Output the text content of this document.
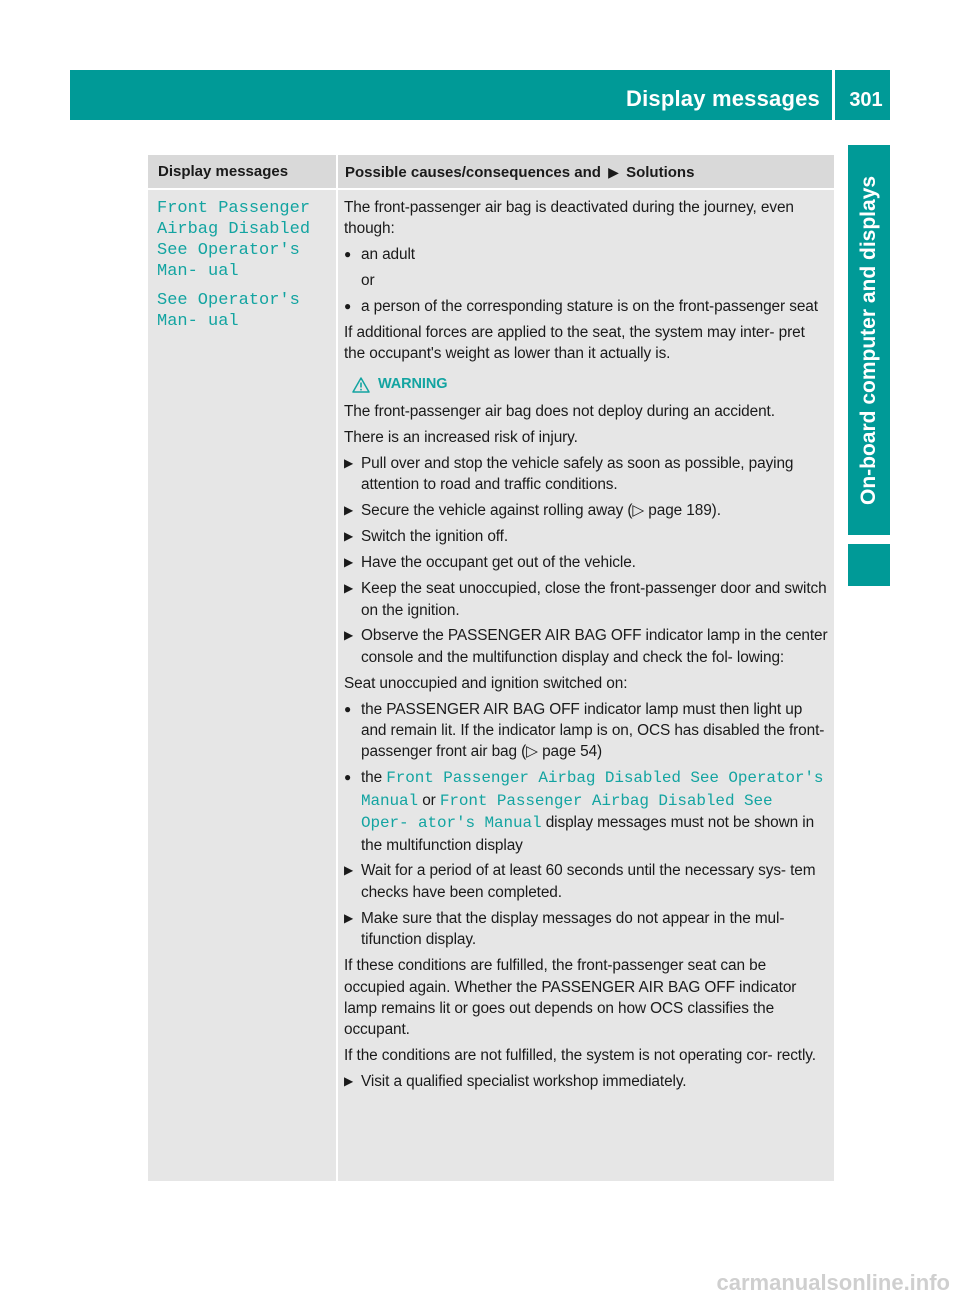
Display messages	301
On-board computer and displays
Display messages	Possible causes/consequences and ▶ Solutions
Front Passenger Airbag Disabled See Operator's Man‐ ual
See Operator's Man‐ ual

The front-passenger air bag is deactivated during the journey, even though:

● an adult

or

● a person of the corresponding stature is on the front-passenger seat

If additional forces are applied to the seat, the system may inter- pret the occupant's weight as lower than it actually is.

WARNING

The front-passenger air bag does not deploy during an accident.

There is an increased risk of injury.

▶ Pull over and stop the vehicle safely as soon as possible, paying attention to road and traffic conditions.
▶ Secure the vehicle against rolling away (▷ page 189).
▶ Switch the ignition off.
▶ Have the occupant get out of the vehicle.
▶ Keep the seat unoccupied, close the front-passenger door and switch on the ignition.
▶ Observe the PASSENGER AIR BAG OFF indicator lamp in the center console and the multifunction display and check the fol- lowing:

Seat unoccupied and ignition switched on:

● the PASSENGER AIR BAG OFF indicator lamp must then light up and remain lit. If the indicator lamp is on, OCS has disabled the front-passenger front air bag (▷ page 54)
● the Front Passenger Airbag Disabled See Operator's Manual or Front Passenger Airbag Disabled See Oper‐ ator's Manual display messages must not be shown in the multifunction display
▶ Wait for a period of at least 60 seconds until the necessary sys- tem checks have been completed.
▶ Make sure that the display messages do not appear in the mul- tifunction display.

If these conditions are fulfilled, the front-passenger seat can be occupied again. Whether the PASSENGER AIR BAG OFF indicator lamp remains lit or goes out depends on how OCS classifies the occupant.

If the conditions are not fulfilled, the system is not operating cor- rectly.

▶ Visit a qualified specialist workshop immediately.
carmanualsonline.info
